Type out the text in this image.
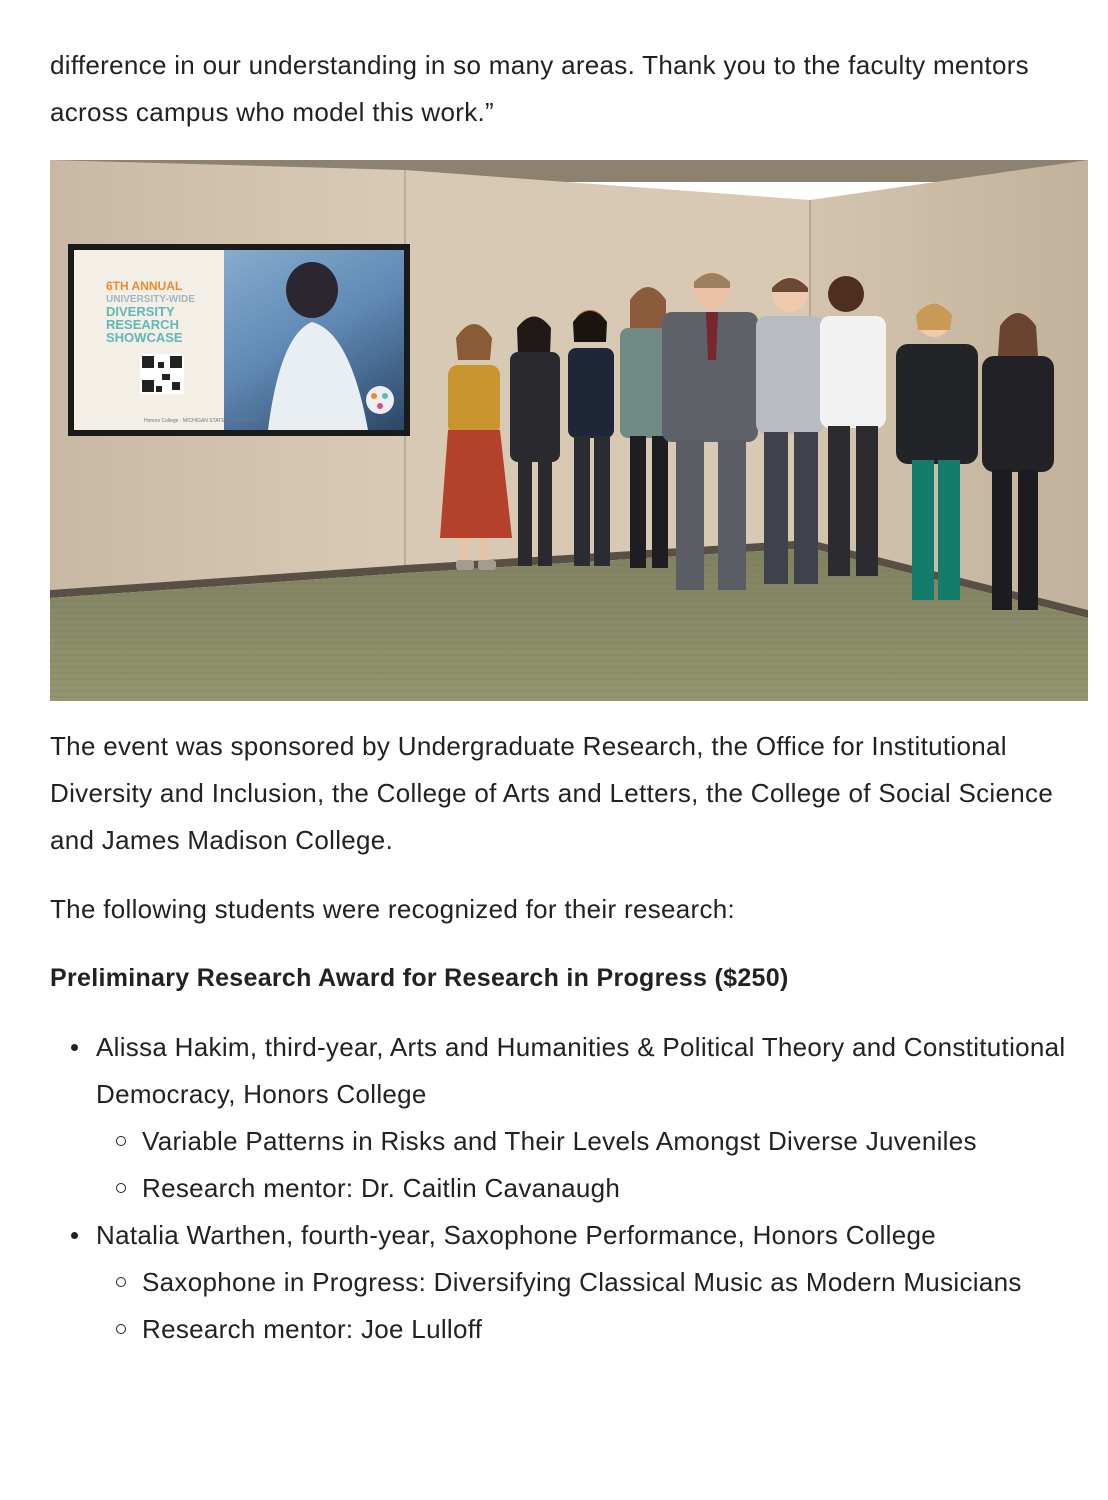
difference in our understanding in so many areas. Thank you to the faculty mentors across campus who model this work.”

6TH ANNUAL
UNIVERSITY-WIDE
DIVERSITY
RESEARCH
SHOWCASE
Honors College · MICHIGAN STATE UNIVERSITY

The event was sponsored by Undergraduate Research, the Office for Institutional Diversity and Inclusion, the College of Arts and Letters, the College of Social Science and James Madison College.

The following students were recognized for their research:

Preliminary Research Award for Research in Progress ($250)
Alissa Hakim, third-year, Arts and Humanities & Political Theory and Constitutional Democracy, Honors College
Variable Patterns in Risks and Their Levels Amongst Diverse Juveniles
Research mentor: Dr. Caitlin Cavanaugh
Natalia Warthen, fourth-year, Saxophone Performance, Honors College
Saxophone in Progress: Diversifying Classical Music as Modern Musicians
Research mentor: Joe Lulloff
